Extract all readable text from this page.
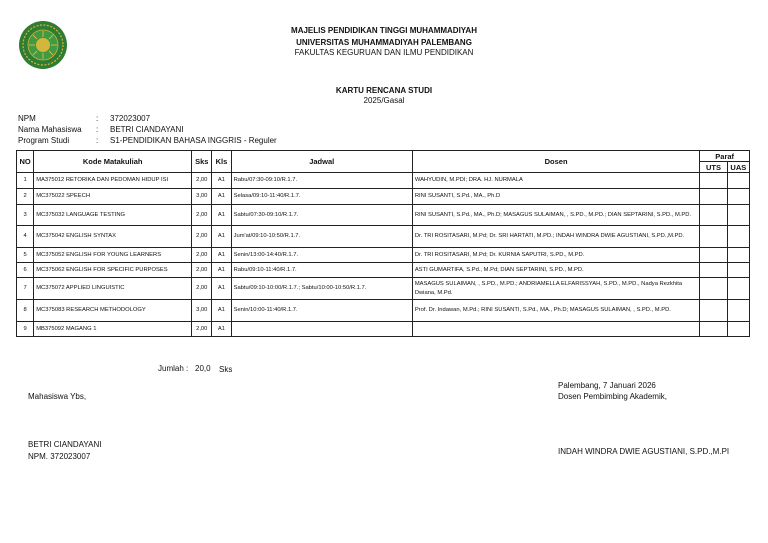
MAJELIS PENDIDIKAN TINGGI MUHAMMADIYAH
UNIVERSITAS MUHAMMADIYAH PALEMBANG
FAKULTAS KEGURUAN DAN ILMU PENDIDIKAN
KARTU RENCANA STUDI
2025/Gasal
NPM	: 372023007
Nama Mahasiswa	: BETRI CIANDAYANI
Program Studi	: S1-PENDIDIKAN BAHASA INGGRIS - Reguler
NO	Kode Matakuliah	Sks	Kls	Jadwal	Dosen	Paraf	
						UTS	UAS
1	MA375012 RETORIKA DAN PEDOMAN HIDUP ISI	2,00	A1	Rabu/07:30-09:10/R.1.7.	WAHYUDIN, M.PDI; DRA. HJ. NURMALA		
2	MC375022 SPEECH	3,00	A1	Selasa/09:10-11:40/R.1.7.	RINI SUSANTI, S.Pd., MA., Ph.D		
3	MC375032 LANGUAGE TESTING	2,00	A1	Sabtu/07:30-09:10/R.1.7.	RINI SUSANTI, S.Pd., MA., Ph.D; MASAGUS SULAIMAN, , S.PD., M.PD.; DIAN SEPTARINI, S.PD., M.PD.		
4	MC375042 ENGLISH SYNTAX	2,00	A1	Jum'at/09:10-10:50/R.1.7.	Dr. TRI ROSITASARI, M.Pd; Dr. SRI HARTATI, M.PD.; INDAH WINDRA DWIE AGUSTIANI, S.PD.,M.PD.		
5	MC375052 ENGLISH FOR YOUNG LEARNERS	2,00	A1	Senin/13:00-14:40/R.1.7.	Dr. TRI ROSITASARI, M.Pd; Dr. KURNIA SAPUTRI, S.PD., M.PD.		
6	MC375062 ENGLISH FOR SPECIFIC PURPOSES	2,00	A1	Rabu/09:10-11:40/R.1.7.	ASTI GUMARTIFA, S.Pd., M.Pd; DIAN SEPTARINI, S.PD., M.PD.		
7	MC375072 APPLIED LINGUISTIC	2,00	A1	Sabtu/09:10-10:00/R.1.7.; Sabtu/10:00-10:50/R.1.7.	MASAGUS SULAIMAN, , S.PD., M.PD.; ANDRIAMELLA ELFARISSYAH, S.PD., M.PD., Nadya Rezkhita Dwiana, M.Pd.		
8	MC375083 RESEARCH METHODOLOGY	3,00	A1	Senin/10:00-11:40/R.1.7.	Prof. Dr. Indawan, M.Pd.; RINI SUSANTI, S.Pd., MA., Ph.D; MASAGUS SULAIMAN, , S.PD., M.PD.		
9	MB375092 MAGANG 1	2,00	A1				
Jumlah : 20,0 Sks
Palembang, 7 Januari 2026
Dosen Pembimbing Akademik,
Mahasiswa Ybs,
BETRI CIANDAYANI
NPM. 372023007
INDAH WINDRA DWIE AGUSTIANI, S.PD.,M.PI
